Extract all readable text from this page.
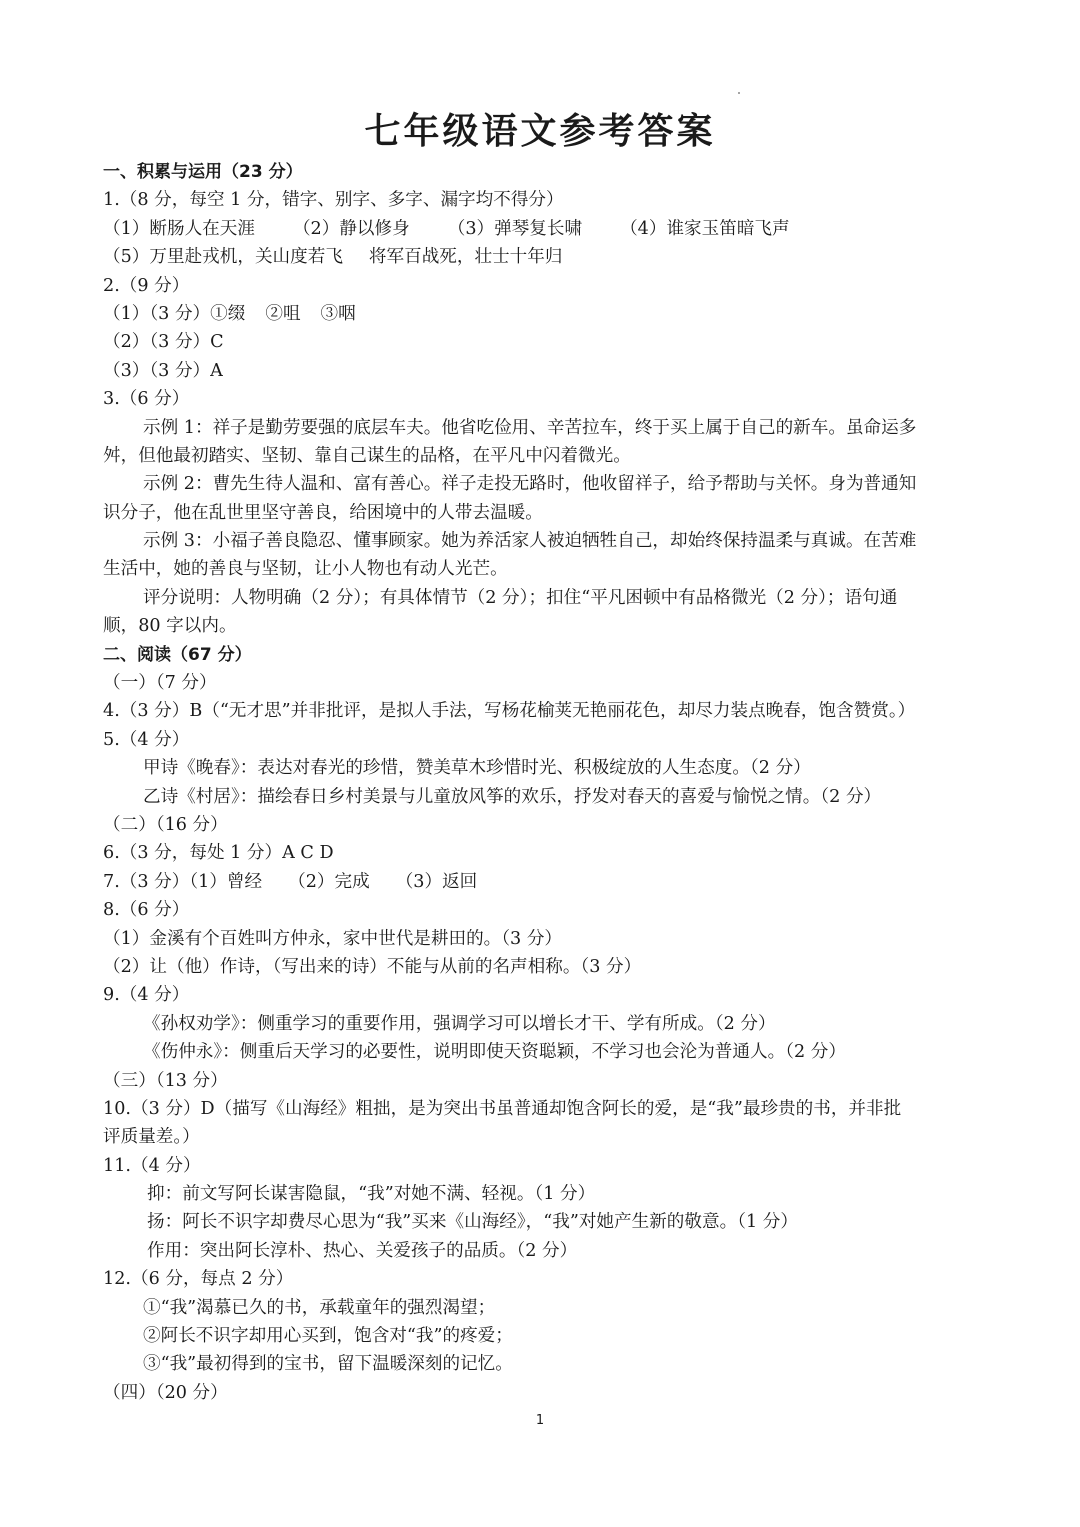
七年级语文参考答案
一、积累与运用（23 分）
1.（8 分，每空 1 分，错字、别字、多字、漏字均不得分）
（1）断肠人在天涯 （2）静以修身 （3）弹琴复长啸 （4）谁家玉笛暗飞声
（5）万里赴戎机，关山度若飞 将军百战死，壮士十年归
2.（9 分）
（1）（3 分）①缀 ②咀 ③咽
（2）（3 分）C
（3）（3 分）A
3.（6 分）
示例 1：祥子是勤劳要强的底层车夫。他省吃俭用、辛苦拉车，终于买上属于自己的新车。虽命运多
舛，但他最初踏实、坚韧、靠自己谋生的品格，在平凡中闪着微光。
示例 2：曹先生待人温和、富有善心。祥子走投无路时，他收留祥子，给予帮助与关怀。身为普通知
识分子，他在乱世里坚守善良，给困境中的人带去温暖。
示例 3：小福子善良隐忍、懂事顾家。她为养活家人被迫牺牲自己，却始终保持温柔与真诚。在苦难
生活中，她的善良与坚韧，让小人物也有动人光芒。
评分说明：人物明确（2 分）；有具体情节（2 分）；扣住“平凡困顿中有品格微光（2 分）；语句通
顺，80 字以内。
二、阅读（67 分）
（一）（7 分）
4.（3 分）B（“无才思”并非批评，是拟人手法，写杨花榆荚无艳丽花色，却尽力装点晚春，饱含赞赏。）
5.（4 分）
甲诗《晚春》：表达对春光的珍惜，赞美草木珍惜时光、积极绽放的人生态度。（2 分）
乙诗《村居》：描绘春日乡村美景与儿童放风筝的欢乐，抒发对春天的喜爱与愉悦之情。（2 分）
（二）（16 分）
6.（3 分，每处 1 分）A C D
7.（3 分）（1）曾经 （2）完成 （3）返回
8.（6 分）
（1）金溪有个百姓叫方仲永，家中世代是耕田的。（3 分）
（2）让（他）作诗，（写出来的诗）不能与从前的名声相称。（3 分）
9.（4 分）
《孙权劝学》：侧重学习的重要作用，强调学习可以增长才干、学有所成。（2 分）
《伤仲永》：侧重后天学习的必要性，说明即使天资聪颖，不学习也会沦为普通人。（2 分）
（三）（13 分）
10.（3 分）D（描写《山海经》粗拙，是为突出书虽普通却饱含阿长的爱，是“我”最珍贵的书，并非批
评质量差。）
11.（4 分）
抑：前文写阿长谋害隐鼠，“我”对她不满、轻视。（1 分）
扬：阿长不识字却费尽心思为“我”买来《山海经》，“我”对她产生新的敬意。（1 分）
作用：突出阿长淳朴、热心、关爱孩子的品质。（2 分）
12.（6 分，每点 2 分）
①“我”渴慕已久的书，承载童年的强烈渴望；
②阿长不识字却用心买到，饱含对“我”的疼爱；
③“我”最初得到的宝书，留下温暖深刻的记忆。
（四）（20 分）
1
